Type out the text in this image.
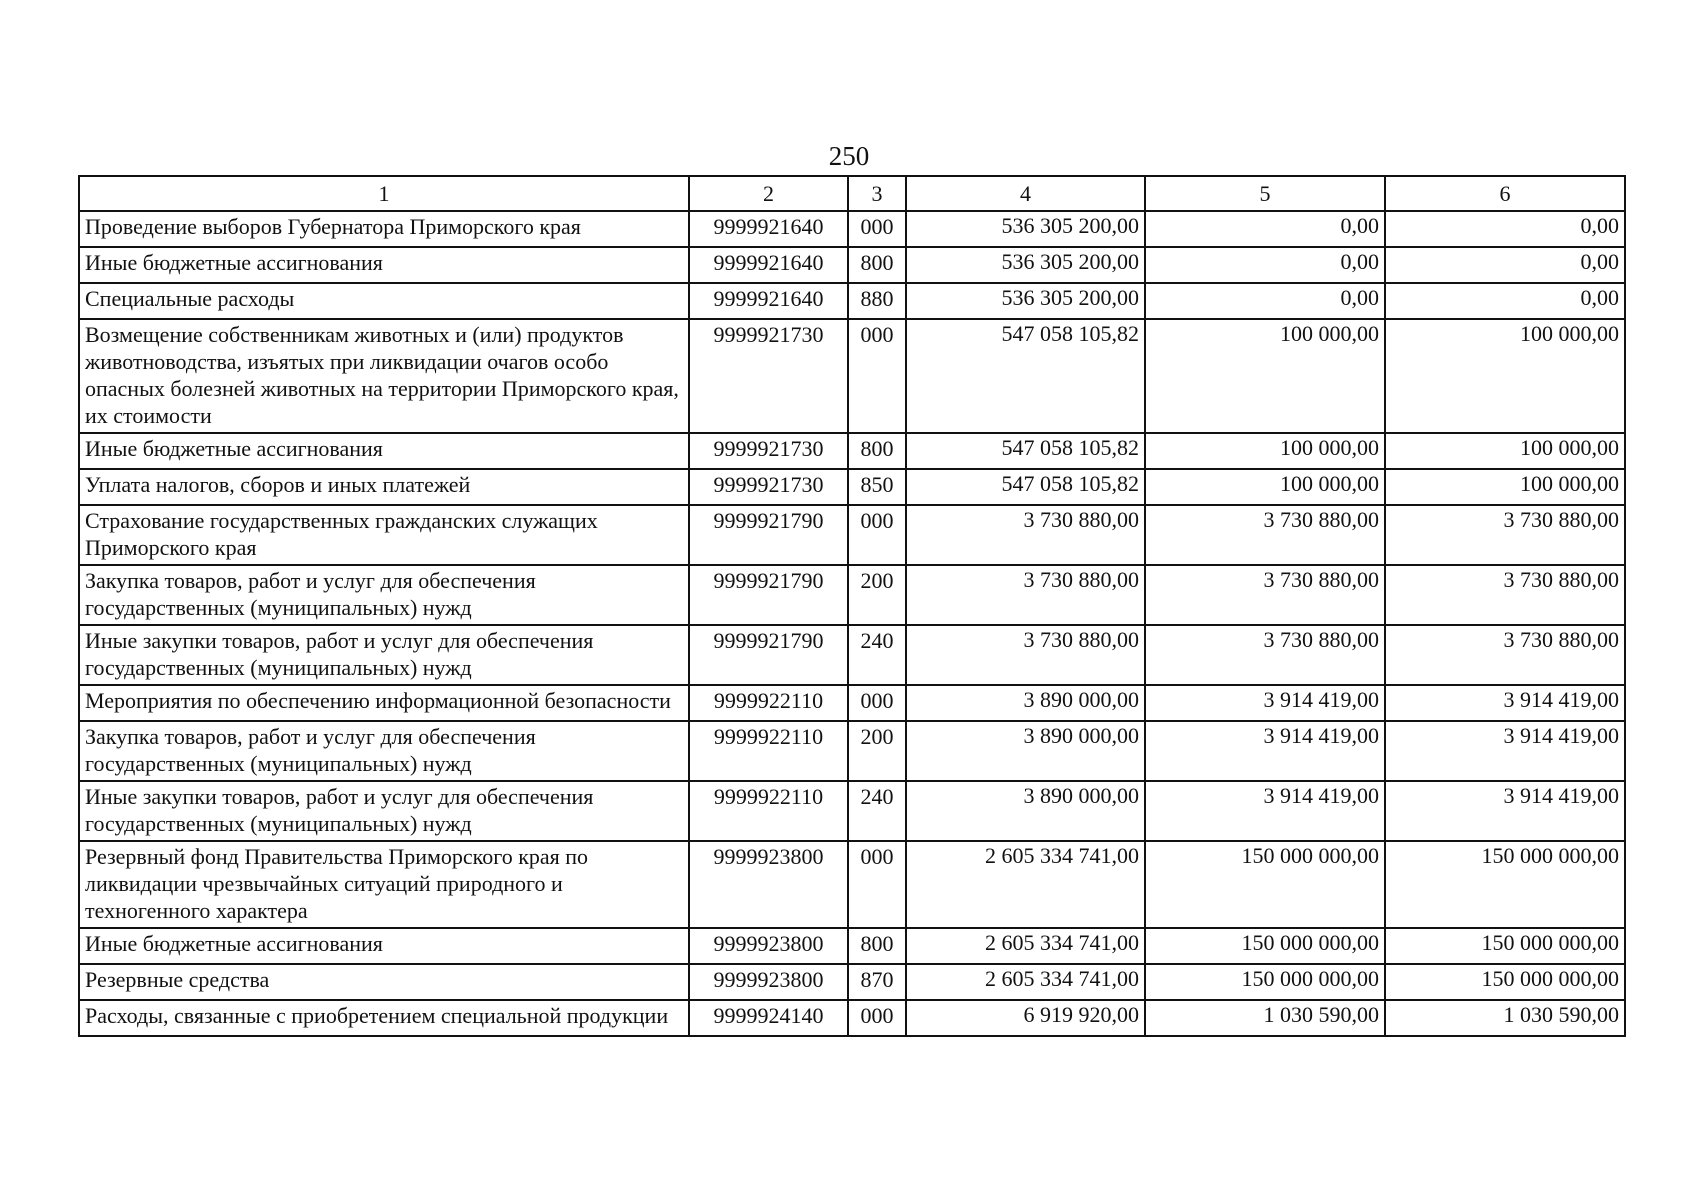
250
1	2	3	4	5	6
Проведение выборов Губернатора Приморского края	9999921640	000	536 305 200,00	0,00	0,00
Иные бюджетные ассигнования	9999921640	800	536 305 200,00	0,00	0,00
Специальные расходы	9999921640	880	536 305 200,00	0,00	0,00
Возмещение собственникам животных и (или) продуктов животноводства, изъятых при ликвидации очагов особо опасных болезней животных на территории Приморского края, их стоимости	9999921730	000	547 058 105,82	100 000,00	100 000,00
Иные бюджетные ассигнования	9999921730	800	547 058 105,82	100 000,00	100 000,00
Уплата налогов, сборов и иных платежей	9999921730	850	547 058 105,82	100 000,00	100 000,00
Страхование государственных гражданских служащих Приморского края	9999921790	000	3 730 880,00	3 730 880,00	3 730 880,00
Закупка товаров, работ и услуг для обеспечения государственных (муниципальных) нужд	9999921790	200	3 730 880,00	3 730 880,00	3 730 880,00
Иные закупки товаров, работ и услуг для обеспечения государственных (муниципальных) нужд	9999921790	240	3 730 880,00	3 730 880,00	3 730 880,00
Мероприятия по обеспечению информационной безопасности	9999922110	000	3 890 000,00	3 914 419,00	3 914 419,00
Закупка товаров, работ и услуг для обеспечения государственных (муниципальных) нужд	9999922110	200	3 890 000,00	3 914 419,00	3 914 419,00
Иные закупки товаров, работ и услуг для обеспечения государственных (муниципальных) нужд	9999922110	240	3 890 000,00	3 914 419,00	3 914 419,00
Резервный фонд Правительства Приморского края по ликвидации чрезвычайных ситуаций природного и техногенного характера	9999923800	000	2 605 334 741,00	150 000 000,00	150 000 000,00
Иные бюджетные ассигнования	9999923800	800	2 605 334 741,00	150 000 000,00	150 000 000,00
Резервные средства	9999923800	870	2 605 334 741,00	150 000 000,00	150 000 000,00
Расходы, связанные с приобретением специальной продукции	9999924140	000	6 919 920,00	1 030 590,00	1 030 590,00
